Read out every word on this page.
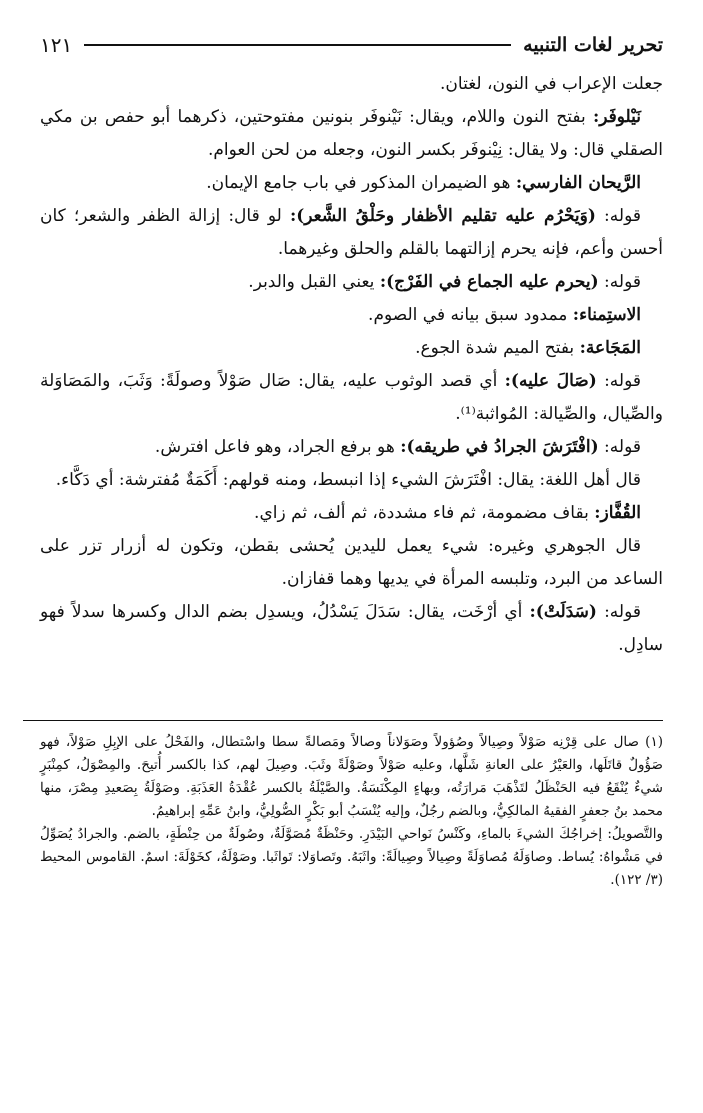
تحرير لغات التنبيه
١٢١

جعلت الإعراب في النون، لغتان.

نَيْلوفَر: بفتح النون واللام، ويقال: نَيْنوفَر بنونين مفتوحتين، ذكرهما أبو حفص بن مكي الصقلي قال: ولا يقال: نِيْنوفَر بكسر النون، وجعله من لحن العوام.

الرَّيحان الفارسي: هو الضيمران المذكور في باب جامع الإيمان.

قوله: (وَيَحْرُم عليه تقليم الأظفار وحَلْقُ الشَّعر): لو قال: إزالة الظفر والشعر؛ كان أحسن وأعم، فإنه يحرم إزالتهما بالقلم والحلق وغيرهما.

قوله: (يحرم عليه الجماع في الفَرْج): يعني القبل والدبر.

الاستِمناء: ممدود سبق بيانه في الصوم.

المَجَاعة: بفتح الميم شدة الجوع.

قوله: (صَالَ عليه): أي قصد الوثوب عليه، يقال: صَال صَوْلاً وصولَةً: وَثَبَ، والمَصَاوَلة والصِّيال، والصِّيالة: المُواثبة⁽¹⁾.

قوله: (افْتَرَشَ الجرادُ في طريقه): هو برفع الجراد، وهو فاعل افترش.

قال أهل اللغة: يقال: افْتَرَشَ الشيء إذا انبسط، ومنه قولهم: أَكَمَةٌ مُفترشة: أي دَكَّاء.

القُفَّاز: بقاف مضمومة، ثم فاء مشددة، ثم ألف، ثم زاي.

قال الجوهري وغيره: شيء يعمل لليدين يُحشى بقطن، وتكون له أزرار تزر على الساعد من البرد، وتلبسه المرأة في يديها وهما قفازان.

قوله: (سَدَلَتْ): أي أرْخَت، يقال: سَدَلَ يَسْدُلُ، ويسدِل بضم الدال وكسرها سدلاً فهو سادِل.

(١) صال على قِرْنِه صَوْلاً وصِيالاً وصُؤولاً وصَوَلاناً وصالاً ومَصالةً سطا واسْتطال، والفَحْلُ على الإبِلِ صَوْلاً، فهو صَؤُولٌ قاتَلَها، والعَيْرُ على العانةِ شَلَّها، وعليه صَوْلاً وصَوْلَةً وثَبَ. وصِيلَ لهم، كذا بالكسر أُتيحَ. والمِصْوَلُ، كمِنْبَرٍ شيءٌ يُنْقَعُ فيه الحَنْظَلُ لتَذْهَبَ مَرارَتُه، وبهاءٍ المِكْنَسَةُ. والصَّيْلَةُ بالكسر عُقْدَةُ العَذَبَةِ. وصَوْلَةُ بِصَعيدِ مِصْرَ، منها محمد بنُ جعفرٍ الفقيهُ المالكِيُّ، وبالضم رجُلٌ، وإليه يُنْسَبُ أبو بَكْرٍ الصُّولِيُّ، وابنُ عَمِّهِ إبراهيمُ.

والتَّصويلُ: إخراجُكَ الشيءَ بالماءِ، وكَنْسُ نَواحي البَيْدَرِ. وحَنْظَةٌ مُصَوَّلَةٌ، وصُولَةٌ من حِنْطَةٍ، بالضم. والجرادُ يُصَوِّلُ في مَشْواهُ: يُساط. وصاوَلَهُ مُصاوَلَةً وصِيالاً وصِيالَةً: واثَبَهُ. وتَصاوَلا: تَواثَبا. وصَوْلَةُ، كخَوْلَةَ: اسمٌ. القاموس المحيط (٣/ ١٢٢).
